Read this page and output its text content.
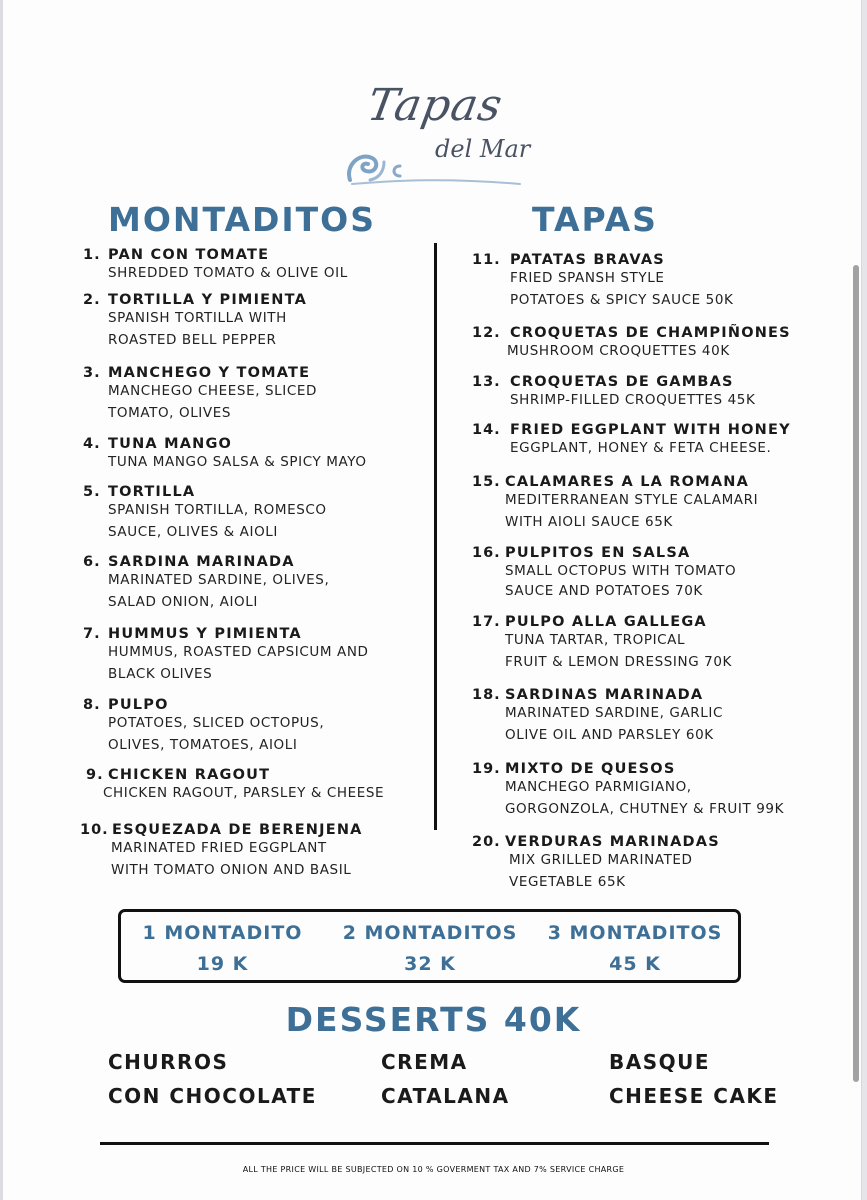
Tapas
del Mar
MONTADITOS	TAPAS
1. PAN CON TOMATE
SHREDDED TOMATO & OLIVE OIL
2. TORTILLA Y PIMIENTA
SPANISH TORTILLA WITH
ROASTED BELL PEPPER
3. MANCHEGO Y TOMATE
MANCHEGO CHEESE, SLICED
TOMATO, OLIVES
4. TUNA MANGO
TUNA MANGO SALSA & SPICY MAYO
5. TORTILLA
SPANISH TORTILLA, ROMESCO
SAUCE, OLIVES & AIOLI
6. SARDINA MARINADA
MARINATED SARDINE, OLIVES,
SALAD ONION, AIOLI
7. HUMMUS Y PIMIENTA
HUMMUS, ROASTED CAPSICUM AND
BLACK OLIVES
8. PULPO
POTATOES, SLICED OCTOPUS,
OLIVES, TOMATOES, AIOLI
9. CHICKEN RAGOUT
CHICKEN RAGOUT, PARSLEY & CHEESE
10. ESQUEZADA DE BERENJENA
MARINATED FRIED EGGPLANT
WITH TOMATO ONION AND BASIL
11. PATATAS BRAVAS
FRIED SPANSH STYLE
POTATOES & SPICY SAUCE 50K
12. CROQUETAS DE CHAMPIÑONES
MUSHROOM CROQUETTES 40K
13. CROQUETAS DE GAMBAS
SHRIMP-FILLED CROQUETTES 45K
14. FRIED EGGPLANT WITH HONEY
EGGPLANT, HONEY & FETA CHEESE.
15. CALAMARES A LA ROMANA
MEDITERRANEAN STYLE CALAMARI
WITH AIOLI SAUCE 65K
16. PULPITOS EN SALSA
SMALL OCTOPUS WITH TOMATO
SAUCE AND POTATOES 70K
17. PULPO ALLA GALLEGA
TUNA TARTAR, TROPICAL
FRUIT & LEMON DRESSING 70K
18. SARDINAS MARINADA
MARINATED SARDINE, GARLIC
OLIVE OIL AND PARSLEY 60K
19. MIXTO DE QUESOS
MANCHEGO PARMIGIANO,
GORGONZOLA, CHUTNEY & FRUIT 99K
20. VERDURAS MARINADAS
MIX GRILLED MARINATED
VEGETABLE 65K
1 MONTADITO
19 K
2 MONTADITOS
32 K
3 MONTADITOS
45 K
DESSERTS 40K
CHURROS
CON CHOCOLATE
CREMA
CATALANA
BASQUE
CHEESE CAKE
ALL THE PRICE WILL BE SUBJECTED ON 10 % GOVERMENT TAX AND 7% SERVICE CHARGE
